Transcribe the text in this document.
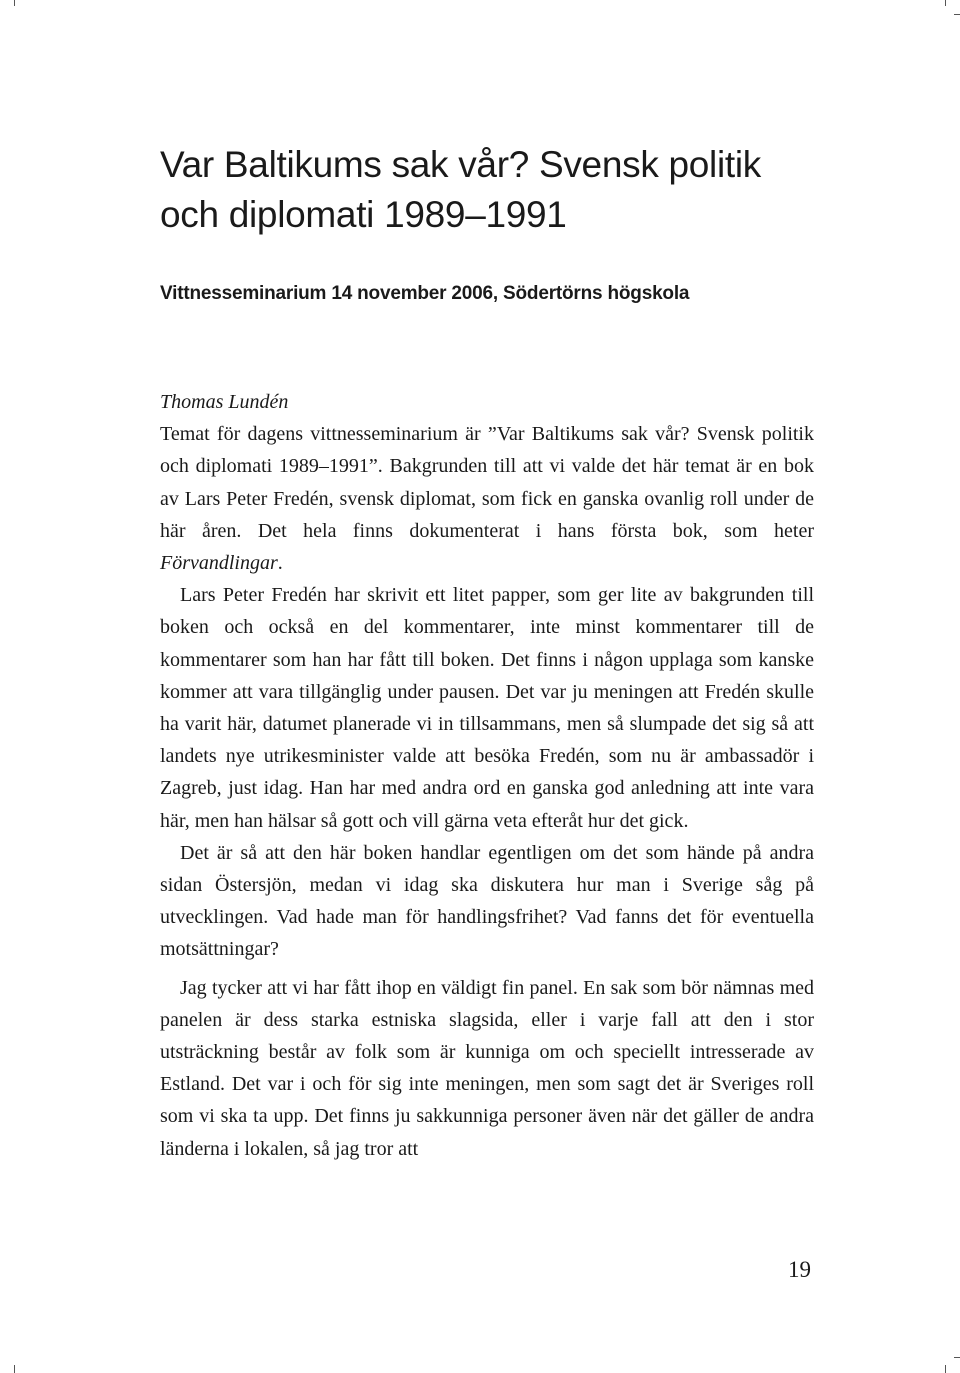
Var Baltikums sak vår? Svensk politik och diplomati 1989–1991

Vittnesseminarium 14 november 2006, Södertörns högskola

Thomas Lundén

Temat för dagens vittnesseminarium är ”Var Baltikums sak vår? Svensk politik och diplomati 1989–1991”. Bakgrunden till att vi valde det här temat är en bok av Lars Peter Fredén, svensk diplomat, som fick en ganska ovanlig roll under de här åren. Det hela finns dokumenterat i hans första bok, som heter Förvandlingar.

Lars Peter Fredén har skrivit ett litet papper, som ger lite av bakgrunden till boken och också en del kommentarer, inte minst kommentarer till de kommentarer som han har fått till boken. Det finns i någon upplaga som kanske kommer att vara tillgänglig under pausen. Det var ju meningen att Fredén skulle ha varit här, datumet planerade vi in tillsammans, men så slumpade det sig så att landets nye utrikesminister valde att besöka Fredén, som nu är ambassadör i Zagreb, just idag. Han har med andra ord en ganska god anledning att inte vara här, men han hälsar så gott och vill gärna veta efteråt hur det gick.

Det är så att den här boken handlar egentligen om det som hände på andra sidan Östersjön, medan vi idag ska diskutera hur man i Sverige såg på utvecklingen. Vad hade man för handlingsfrihet? Vad fanns det för eventuella motsättningar?

Jag tycker att vi har fått ihop en väldigt fin panel. En sak som bör nämnas med panelen är dess starka estniska slagsida, eller i varje fall att den i stor utsträckning består av folk som är kunniga om och speciellt intresserade av Estland. Det var i och för sig inte meningen, men som sagt det är Sveriges roll som vi ska ta upp. Det finns ju sakkunniga personer även när det gäller de andra länderna i lokalen, så jag tror att

19
